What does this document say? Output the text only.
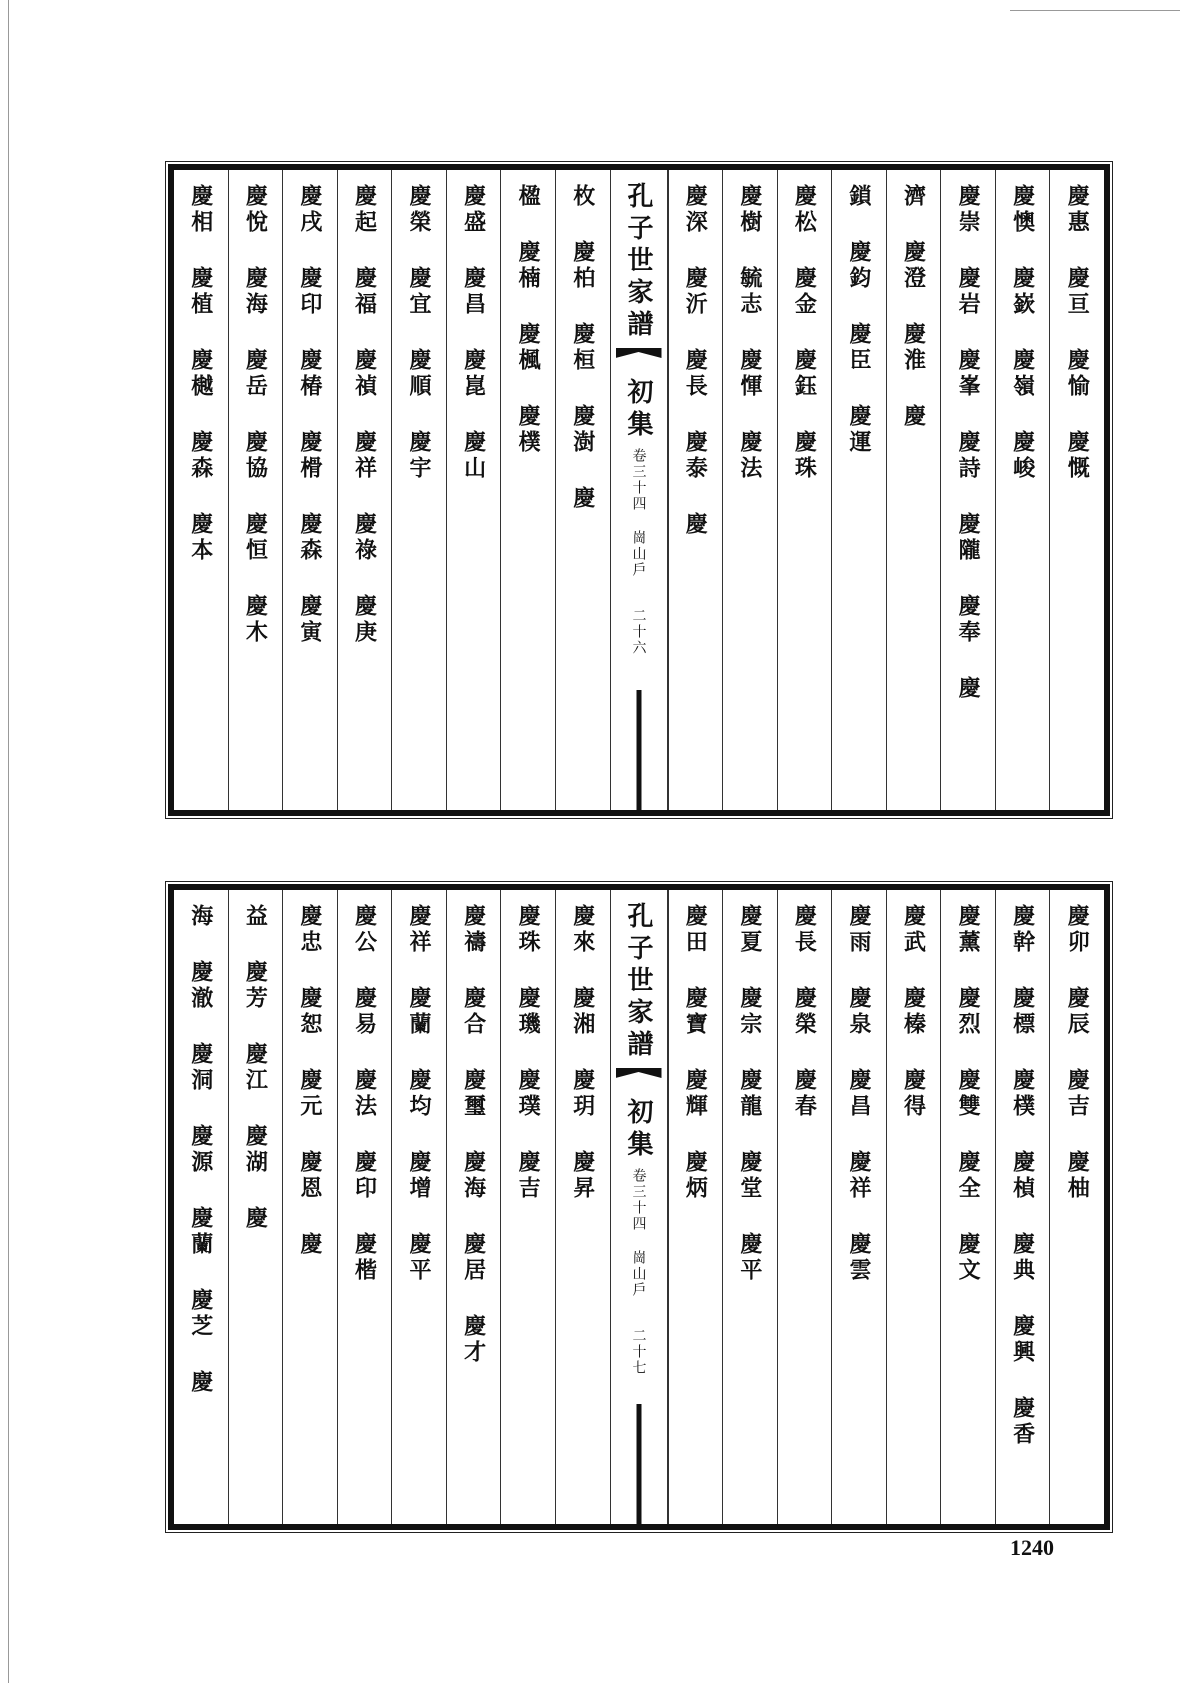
慶惠 慶亘 慶愉 慶慨
慶懊 慶嶔 慶嶺 慶峻
慶崇 慶岩 慶峯 慶詩 慶隴 慶奉 慶
濟 慶澄 慶淮 慶
鎖 慶鈞 慶臣 慶運
慶松 慶金 慶鈺 慶珠
慶樹 毓志 慶惲 慶法
慶深 慶沂 慶長 慶泰 慶
孔子世家譜
初集
卷三十四 崗山戶
二十六
枚 慶柏 慶桓 慶澍 慶
楹 慶楠 慶楓 慶樸
慶盛 慶昌 慶崑 慶山
慶榮 慶宜 慶順 慶宇
慶起 慶福 慶禎 慶祥 慶祿 慶庚
慶戌 慶印 慶椿 慶榾 慶森 慶寅
慶悅 慶海 慶岳 慶協 慶恒 慶木
慶相 慶植 慶樾 慶森 慶本
慶卯 慶辰 慶吉 慶柚
慶幹 慶標 慶樸 慶楨 慶典 慶興 慶香
慶薰 慶烈 慶雙 慶全 慶文
慶武 慶榛 慶得
慶雨 慶泉 慶昌 慶祥 慶雲
慶長 慶榮 慶春
慶夏 慶宗 慶龍 慶堂 慶平
慶田 慶寶 慶輝 慶炳
孔子世家譜
初集
卷三十四 崗山戶
二十七
慶來 慶湘 慶玥 慶昇
慶珠 慶璣 慶璞 慶吉
慶禱 慶合 慶璽 慶海 慶居 慶才
慶祥 慶蘭 慶均 慶增 慶平
慶公 慶易 慶法 慶印 慶楷
慶忠 慶恕 慶元 慶恩 慶
益 慶芳 慶江 慶湖 慶
海 慶澈 慶洞 慶源 慶蘭 慶芝 慶
1240
